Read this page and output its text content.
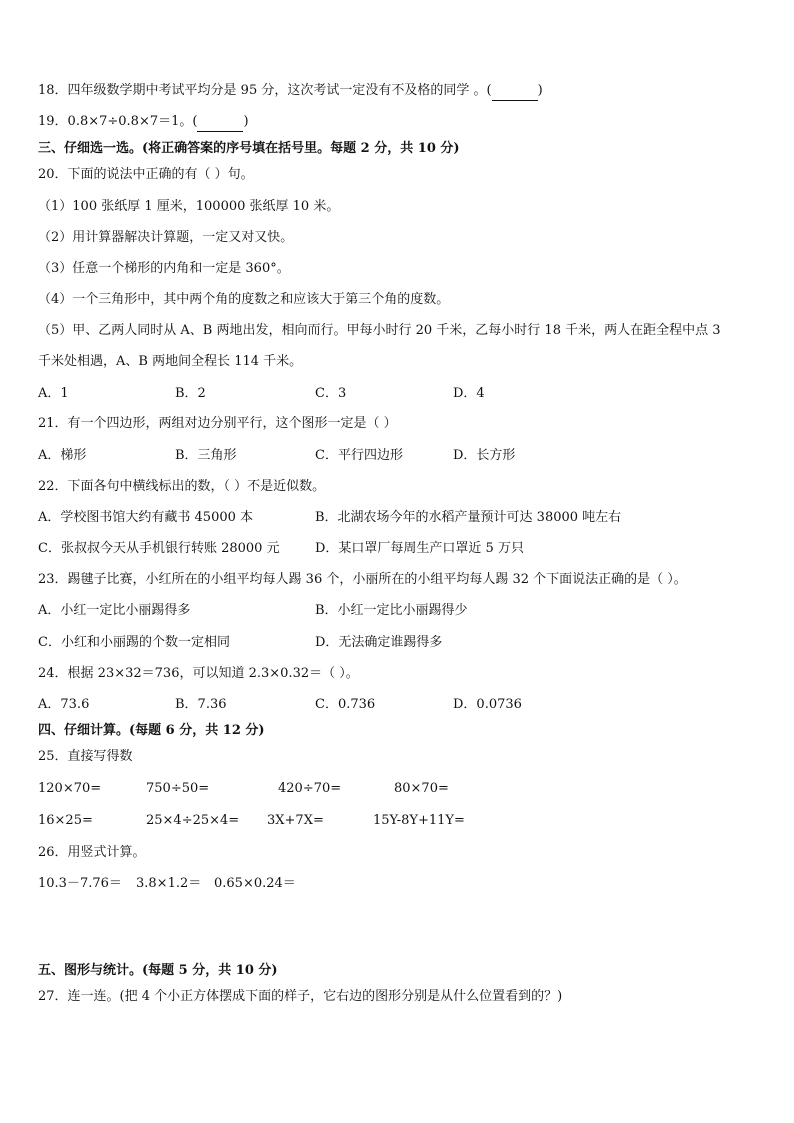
18．四年级数学期中考试平均分是 95 分，这次考试一定没有不及格的同学 。(	)
19．0.8×7÷0.8×7＝1。(	)
三、仔细选一选。(将正确答案的序号填在括号里。每题 2 分，共 10 分)
20．下面的说法中正确的有（ ）句。
（1）100 张纸厚 1 厘米，100000 张纸厚 10 米。
（2）用计算器解决计算题，一定又对又快。
（3）任意一个梯形的内角和一定是 360°。
（4）一个三角形中，其中两个角的度数之和应该大于第三个角的度数。
（5）甲、乙两人同时从 A、B 两地出发，相向而行。甲每小时行 20 千米，乙每小时行 18 千米，两人在距全程中点 3
千米处相遇，A、B 两地间全程长 114 千米。
A．1	B．2	C．3	D．4
21．有一个四边形，两组对边分别平行，这个图形一定是（ ）
A．梯形	B．三角形	C．平行四边形	D．长方形
22．下面各句中横线标出的数，（ ）不是近似数。
A．学校图书馆大约有藏书 45000 本	B．北湖农场今年的水稻产量预计可达 38000 吨左右
C．张叔叔今天从手机银行转账 28000 元	D．某口罩厂每周生产口罩近 5 万只
23．踢毽子比赛，小红所在的小组平均每人踢 36 个，小丽所在的小组平均每人踢 32 个下面说法正确的是（ ）。
A．小红一定比小丽踢得多	B．小红一定比小丽踢得少
C．小红和小丽踢的个数一定相同	D．无法确定谁踢得多
24．根据 23×32＝736，可以知道 2.3×0.32＝（ ）。
A．73.6	B．7.36	C．0.736	D．0.0736
四、仔细计算。(每题 6 分，共 12 分)
25．直接写得数
120×70=	750÷50=	420÷70=	80×70=
16×25=	25×4÷25×4= 3X+7X=	15Y-8Y+11Y=
26．用竖式计算。
10.3－7.76＝ 3.8×1.2＝ 0.65×0.24＝
五、图形与统计。(每题 5 分，共 10 分)
27．连一连。(把 4 个小正方体摆成下面的样子，它右边的图形分别是从什么位置看到的？)
